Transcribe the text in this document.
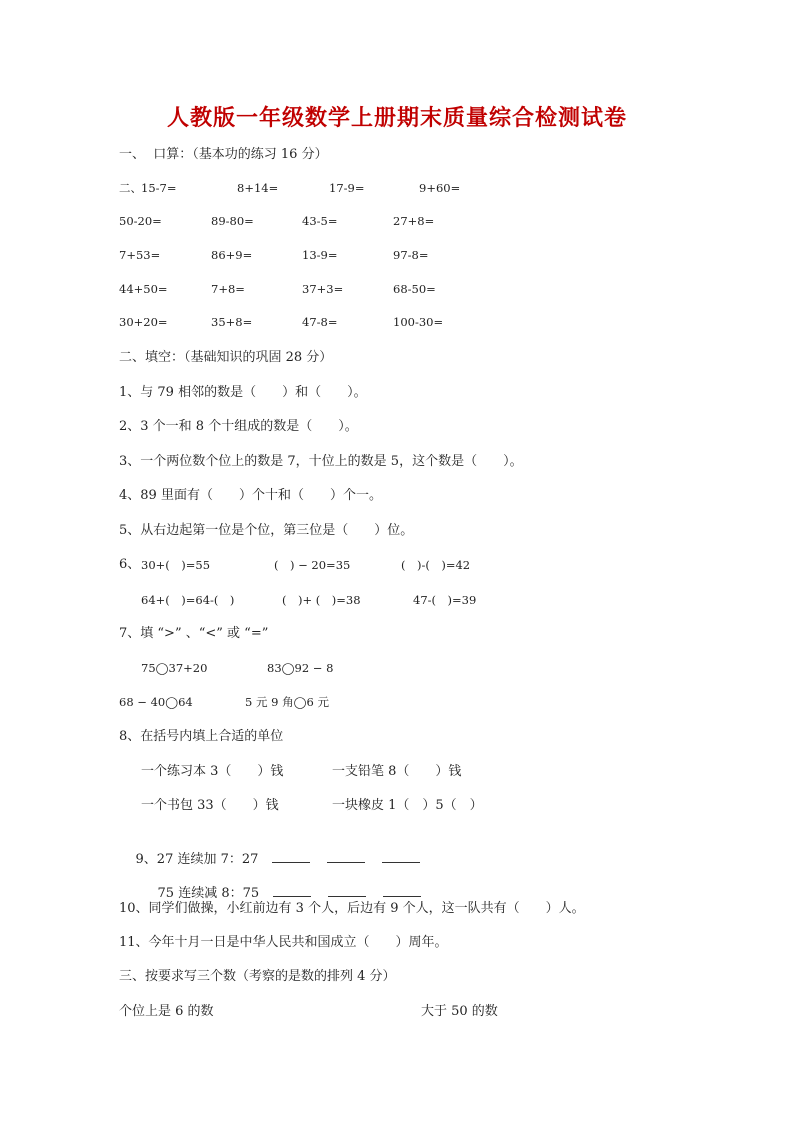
人教版一年级数学上册期末质量综合检测试卷
一、  口算：（基本功的练习 16 分）
二、 15-7=	8+14=	17-9=	9+60=
50-20=	89-80=	43-5=	27+8=
7+53=	86+9=	13-9=	97-8=
44+50=	7+8=	37+3=	68-50=
30+20=	35+8=	47-8=	100-30=
二、填空：（基础知识的巩固 28 分）
1、与 79 相邻的数是（　　）和（　　）。
2、3 个一和 8 个十组成的数是（　　）。
3、一个两位数个位上的数是 7，十位上的数是 5，这个数是（　　）。
4、89 里面有（　　）个十和（　　）个一。
5、从右边起第一位是个位，第三位是（　　）位。
6、 30+(　)=55	(　) − 20=35	(　)-(　)=42
64+(　)=64-(　)	(　)+ (　)=38	47-(　)=39
7、填 “>” 、“<” 或 “=”
75◯37+20	83◯92 − 8
68 − 40◯64	5 元 9 角◯6 元
8、在括号内填上合适的单位
一个练习本 3（　　）钱	一支铅笔 8（　　）钱
一个书包 33（　　）钱	一块橡皮 1（　）5（　）

9、27 连续加 7：27

75 连续减 8：75

10、同学们做操，小红前边有 3 个人，后边有 9 个人，这一队共有（　　）人。
11、今年十月一日是中华人民共和国成立（　　）周年。
三、按要求写三个数（考察的是数的排列 4 分）
个位上是 6 的数	大于 50 的数
